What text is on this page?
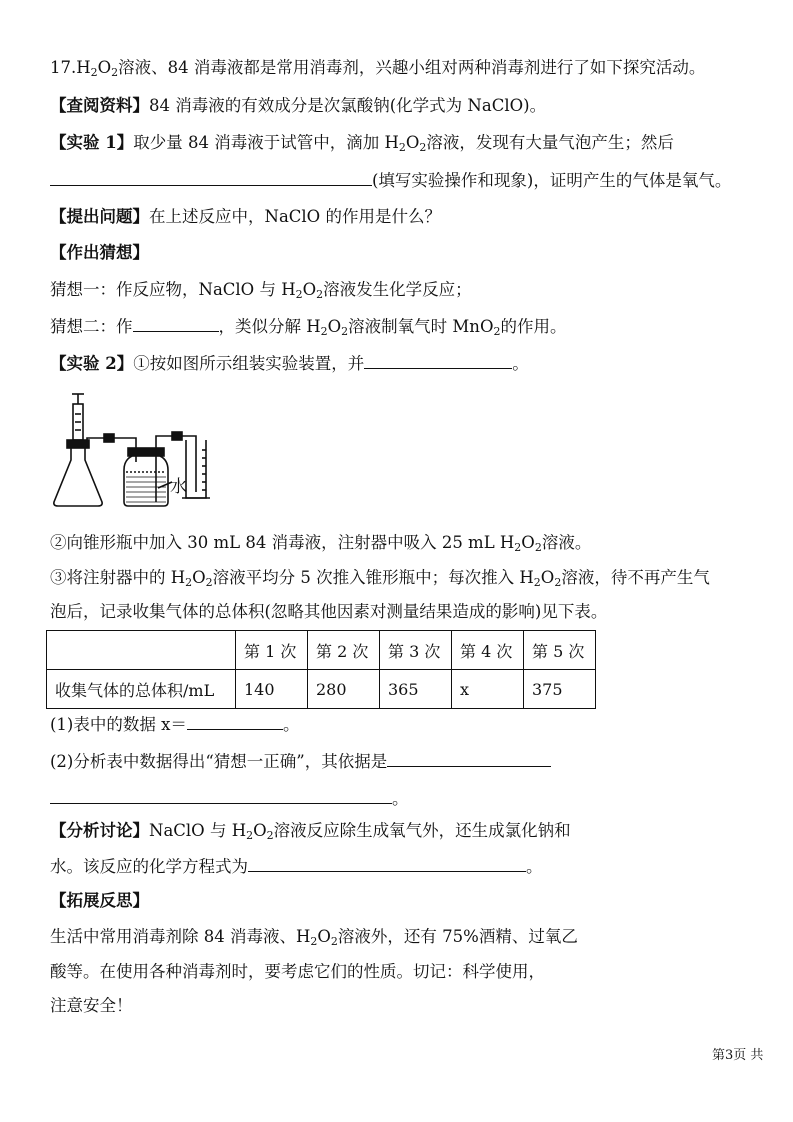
$17.H_2O_2$溶液、84 消毒液都是常用消毒剂，兴趣小组对两种消毒剂进行了如下探究活动。
【查阅资料】84 消毒液的有效成分是次氯酸钠(化学式为 NaClO)。
【实验 1】取少量 84 消毒液于试管中，滴加 $H_2O_2$溶液，发现有大量气泡产生；然后
(填写实验操作和现象)，证明产生的气体是氧气。
【提出问题】在上述反应中，NaClO 的作用是什么？
【作出猜想】
猜想一：作反应物，NaClO 与 $H_2O_2$溶液发生化学反应；
猜想二：作	，类似分解 $H_2O_2$溶液制氧气时 MnO$_2$的作用。
【实验 2】①按如图所示组装实验装置，并	。
水
②向锥形瓶中加入 30 mL 84 消毒液，注射器中吸入 25 mL $H_2O_2$溶液。
③将注射器中的 $H_2O_2$溶液平均分 5 次推入锥形瓶中；每次推入 $H_2O_2$溶液，待不再产生气
泡后，记录收集气体的总体积(忽略其他因素对测量结果造成的影响)见下表。
	第 1 次	第 2 次	第 3 次	第 4 次	第 5 次
收集气体的总体积/mL	140	280	365	x	375
(1)表中的数据 x＝	。
(2)分析表中数据得出“猜想一正确”，其依据是
。
【分析讨论】NaClO 与 $H_2O_2$溶液反应除生成氧气外，还生成氯化钠和
水。该反应的化学方程式为	。
【拓展反思】
生活中常用消毒剂除 84 消毒液、$H_2O_2$溶液外，还有 75%酒精、过氧乙
酸等。在使用各种消毒剂时，要考虑它们的性质。切记：科学使用，
注意安全！
第3页 共
